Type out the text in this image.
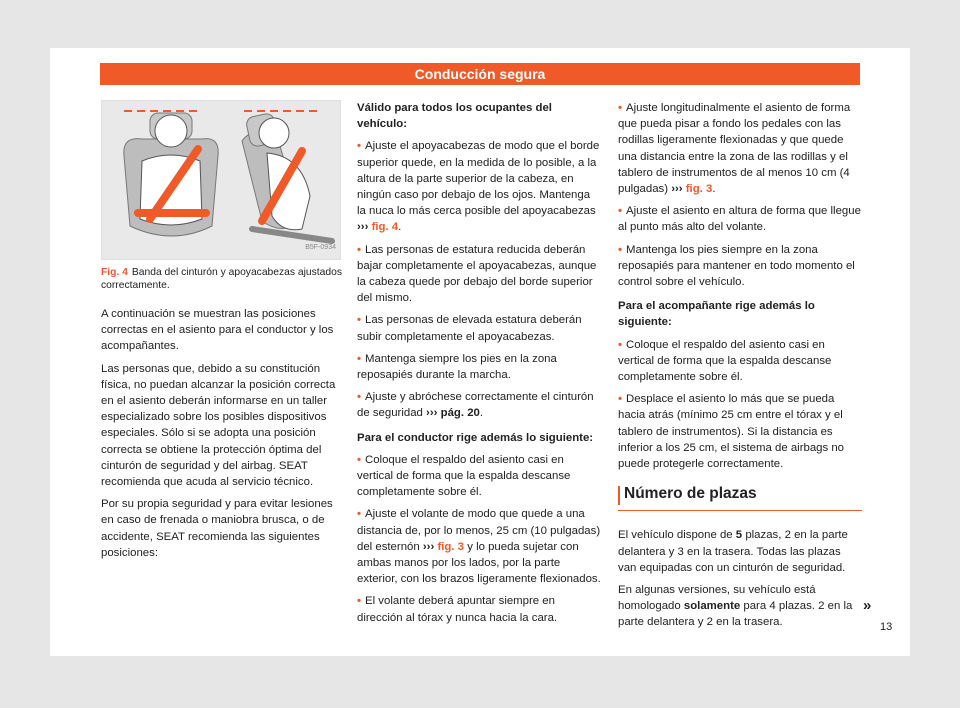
Conducción segura
B5F-0934
Fig. 4 Banda del cinturón y apoyacabezas ajustados correctamente.

A continuación se muestran las posiciones correctas en el asiento para el conductor y los acompañantes.

Las personas que, debido a su constitución física, no puedan alcanzar la posición correcta en el asiento deberán informarse en un taller especializado sobre los posibles dispositivos especiales. Sólo si se adopta una posición correcta se obtiene la protección óptima del cinturón de seguridad y del airbag. SEAT recomienda que acuda al servicio técnico.

Por su propia seguridad y para evitar lesiones en caso de frenada o maniobra brusca, o de accidente, SEAT recomienda las siguientes posiciones:

Válido para todos los ocupantes del vehículo:

• Ajuste el apoyacabezas de modo que el borde superior quede, en la medida de lo posible, a la altura de la parte superior de la cabeza, en ningún caso por debajo de los ojos. Mantenga la nuca lo más cerca posible del apoyacabezas ››› fig. 4.

• Las personas de estatura reducida deberán bajar completamente el apoyacabezas, aunque la cabeza quede por debajo del borde superior del mismo.

• Las personas de elevada estatura deberán subir completamente el apoyacabezas.

• Mantenga siempre los pies en la zona reposapiés durante la marcha.

• Ajuste y abróchese correctamente el cinturón de seguridad ››› pág. 20.

Para el conductor rige además lo siguiente:

• Coloque el respaldo del asiento casi en vertical de forma que la espalda descanse completamente sobre él.

• Ajuste el volante de modo que quede a una distancia de, por lo menos, 25 cm (10 pulgadas) del esternón ››› fig. 3 y lo pueda sujetar con ambas manos por los lados, por la parte exterior, con los brazos ligeramente flexionados.

• El volante deberá apuntar siempre en dirección al tórax y nunca hacia la cara.

• Ajuste longitudinalmente el asiento de forma que pueda pisar a fondo los pedales con las rodillas ligeramente flexionadas y que quede una distancia entre la zona de las rodillas y el tablero de instrumentos de al menos 10 cm (4 pulgadas) ››› fig. 3.

• Ajuste el asiento en altura de forma que llegue al punto más alto del volante.

• Mantenga los pies siempre en la zona reposapiés para mantener en todo momento el control sobre el vehículo.

Para el acompañante rige además lo siguiente:

• Coloque el respaldo del asiento casi en vertical de forma que la espalda descanse completamente sobre él.

• Desplace el asiento lo más que se pueda hacia atrás (mínimo 25 cm entre el tórax y el tablero de instrumentos). Si la distancia es inferior a los 25 cm, el sistema de airbags no puede protegerle correctamente.

Número de plazas

El vehículo dispone de 5 plazas, 2 en la parte delantera y 3 en la trasera. Todas las plazas van equipadas con un cinturón de seguridad.

En algunas versiones, su vehículo está homologado solamente para 4 plazas. 2 en la parte delantera y 2 en la trasera.

»
13
